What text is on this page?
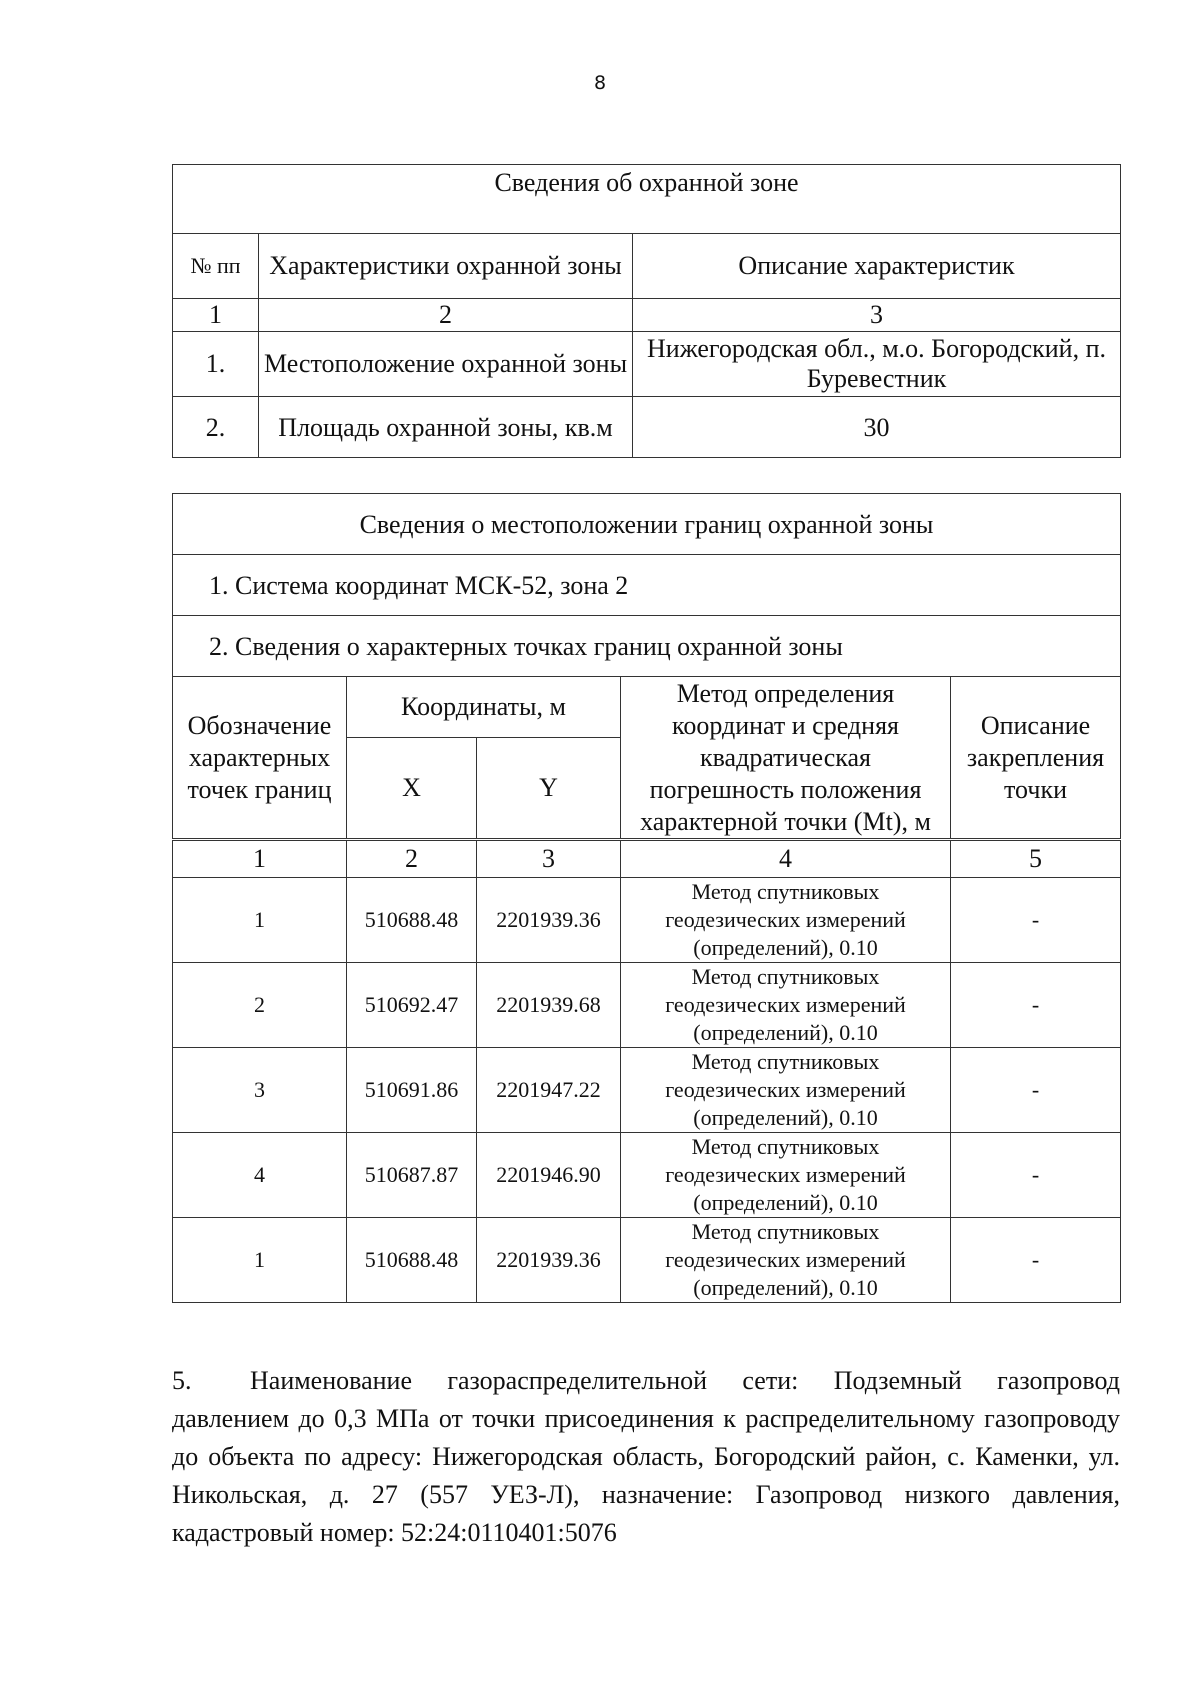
8
Сведения об охранной зоне		
№ пп	Характеристики охранной зоны	Описание характеристик
1	2	3
1.	Местоположение охранной зоны	Нижегородская обл., м.о. Богородский, п. Буревестник
2.	Площадь охранной зоны, кв.м	30
Сведения о местоположении границ охранной зоны				
1. Система координат МСК-52, зона 2				
2. Сведения о характерных точках границ охранной зоны				
Обозначение характерных точек границ	Координаты, м		Метод определения координат и средняя квадратическая погрешность положения характерной точки (Mt), м	Описание закрепления точки
	X	Y		
1	2	3	4	5
1	510688.48	2201939.36	Метод спутниковых геодезических измерений (определений), 0.10	-
2	510692.47	2201939.68	Метод спутниковых геодезических измерений (определений), 0.10	-
3	510691.86	2201947.22	Метод спутниковых геодезических измерений (определений), 0.10	-
4	510687.87	2201946.90	Метод спутниковых геодезических измерений (определений), 0.10	-
1	510688.48	2201939.36	Метод спутниковых геодезических измерений (определений), 0.10	-

5. Наименование газораспределительной сети: Подземный газопровод давлением до 0,3 МПа от точки присоединения к распределительному газопроводу до объекта по адресу: Нижегородская область, Богородский район, с. Каменки, ул. Никольская, д. 27 (557 УЕЗ-Л), назначение: Газопровод низкого давления, кадастровый номер: 52:24:0110401:5076
